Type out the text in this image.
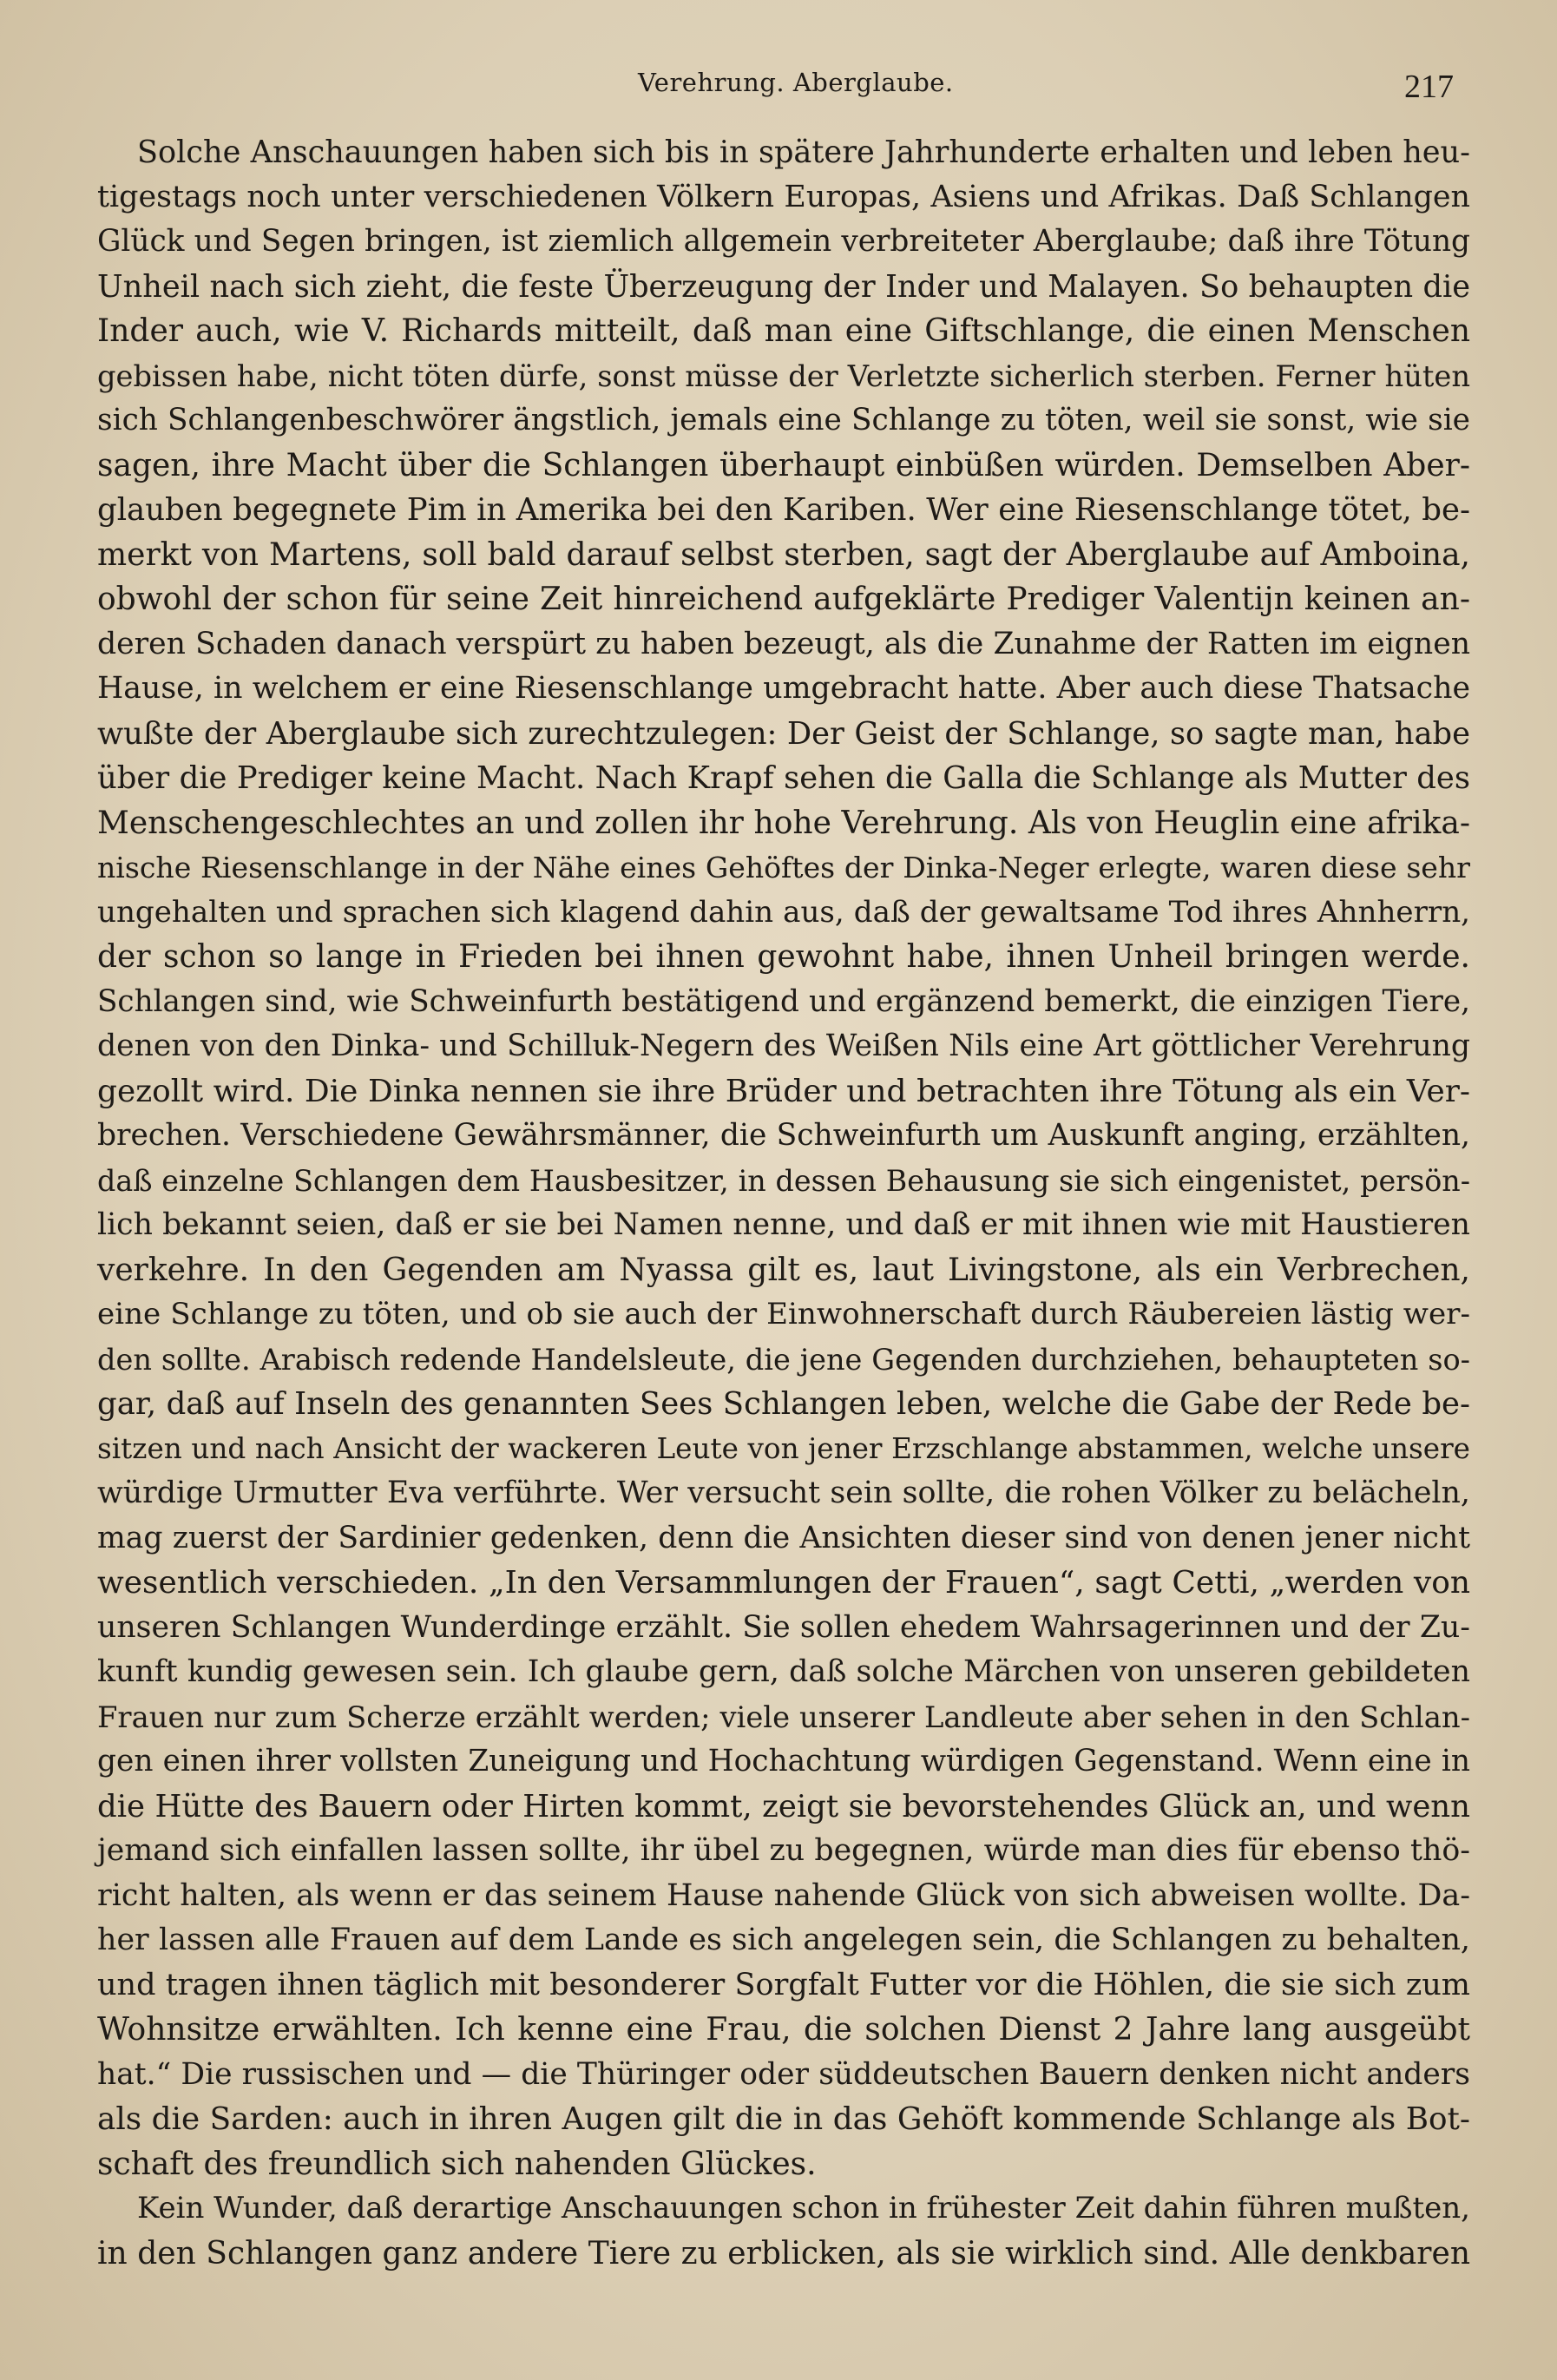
Verehrung. Aberglaube.	217
Solche Anschauungen haben sich bis in spätere Jahrhunderte erhalten und leben heu-
tigestags noch unter verschiedenen Völkern Europas, Asiens und Afrikas. Daß Schlangen
Glück und Segen bringen, ist ziemlich allgemein verbreiteter Aberglaube; daß ihre Tötung
Unheil nach sich zieht, die feste Überzeugung der Inder und Malayen. So behaupten die
Inder auch, wie V. Richards mitteilt, daß man eine Giftschlange, die einen Menschen
gebissen habe, nicht töten dürfe, sonst müsse der Verletzte sicherlich sterben. Ferner hüten
sich Schlangenbeschwörer ängstlich, jemals eine Schlange zu töten, weil sie sonst, wie sie
sagen, ihre Macht über die Schlangen überhaupt einbüßen würden. Demselben Aber-
glauben begegnete Pim in Amerika bei den Kariben. Wer eine Riesenschlange tötet, be-
merkt von Martens, soll bald darauf selbst sterben, sagt der Aberglaube auf Amboina,
obwohl der schon für seine Zeit hinreichend aufgeklärte Prediger Valentijn keinen an-
deren Schaden danach verspürt zu haben bezeugt, als die Zunahme der Ratten im eignen
Hause, in welchem er eine Riesenschlange umgebracht hatte. Aber auch diese Thatsache
wußte der Aberglaube sich zurechtzulegen: Der Geist der Schlange, so sagte man, habe
über die Prediger keine Macht. Nach Krapf sehen die Galla die Schlange als Mutter des
Menschengeschlechtes an und zollen ihr hohe Verehrung. Als von Heuglin eine afrika-
nische Riesenschlange in der Nähe eines Gehöftes der Dinka-Neger erlegte, waren diese sehr
ungehalten und sprachen sich klagend dahin aus, daß der gewaltsame Tod ihres Ahnherrn,
der schon so lange in Frieden bei ihnen gewohnt habe, ihnen Unheil bringen werde.
Schlangen sind, wie Schweinfurth bestätigend und ergänzend bemerkt, die einzigen Tiere,
denen von den Dinka- und Schilluk-Negern des Weißen Nils eine Art göttlicher Verehrung
gezollt wird. Die Dinka nennen sie ihre Brüder und betrachten ihre Tötung als ein Ver-
brechen. Verschiedene Gewährsmänner, die Schweinfurth um Auskunft anging, erzählten,
daß einzelne Schlangen dem Hausbesitzer, in dessen Behausung sie sich eingenistet, persön-
lich bekannt seien, daß er sie bei Namen nenne, und daß er mit ihnen wie mit Haustieren
verkehre. In den Gegenden am Nyassa gilt es, laut Livingstone, als ein Verbrechen,
eine Schlange zu töten, und ob sie auch der Einwohnerschaft durch Räubereien lästig wer-
den sollte. Arabisch redende Handelsleute, die jene Gegenden durchziehen, behaupteten so-
gar, daß auf Inseln des genannten Sees Schlangen leben, welche die Gabe der Rede be-
sitzen und nach Ansicht der wackeren Leute von jener Erzschlange abstammen, welche unsere
würdige Urmutter Eva verführte. Wer versucht sein sollte, die rohen Völker zu belächeln,
mag zuerst der Sardinier gedenken, denn die Ansichten dieser sind von denen jener nicht
wesentlich verschieden. „In den Versammlungen der Frauen“, sagt Cetti, „werden von
unseren Schlangen Wunderdinge erzählt. Sie sollen ehedem Wahrsagerinnen und der Zu-
kunft kundig gewesen sein. Ich glaube gern, daß solche Märchen von unseren gebildeten
Frauen nur zum Scherze erzählt werden; viele unserer Landleute aber sehen in den Schlan-
gen einen ihrer vollsten Zuneigung und Hochachtung würdigen Gegenstand. Wenn eine in
die Hütte des Bauern oder Hirten kommt, zeigt sie bevorstehendes Glück an, und wenn
jemand sich einfallen lassen sollte, ihr übel zu begegnen, würde man dies für ebenso thö-
richt halten, als wenn er das seinem Hause nahende Glück von sich abweisen wollte. Da-
her lassen alle Frauen auf dem Lande es sich angelegen sein, die Schlangen zu behalten,
und tragen ihnen täglich mit besonderer Sorgfalt Futter vor die Höhlen, die sie sich zum
Wohnsitze erwählten. Ich kenne eine Frau, die solchen Dienst 2 Jahre lang ausgeübt
hat.“ Die russischen und — die Thüringer oder süddeutschen Bauern denken nicht anders
als die Sarden: auch in ihren Augen gilt die in das Gehöft kommende Schlange als Bot-
schaft des freundlich sich nahenden Glückes.
Kein Wunder, daß derartige Anschauungen schon in frühester Zeit dahin führen mußten,
in den Schlangen ganz andere Tiere zu erblicken, als sie wirklich sind. Alle denkbaren
